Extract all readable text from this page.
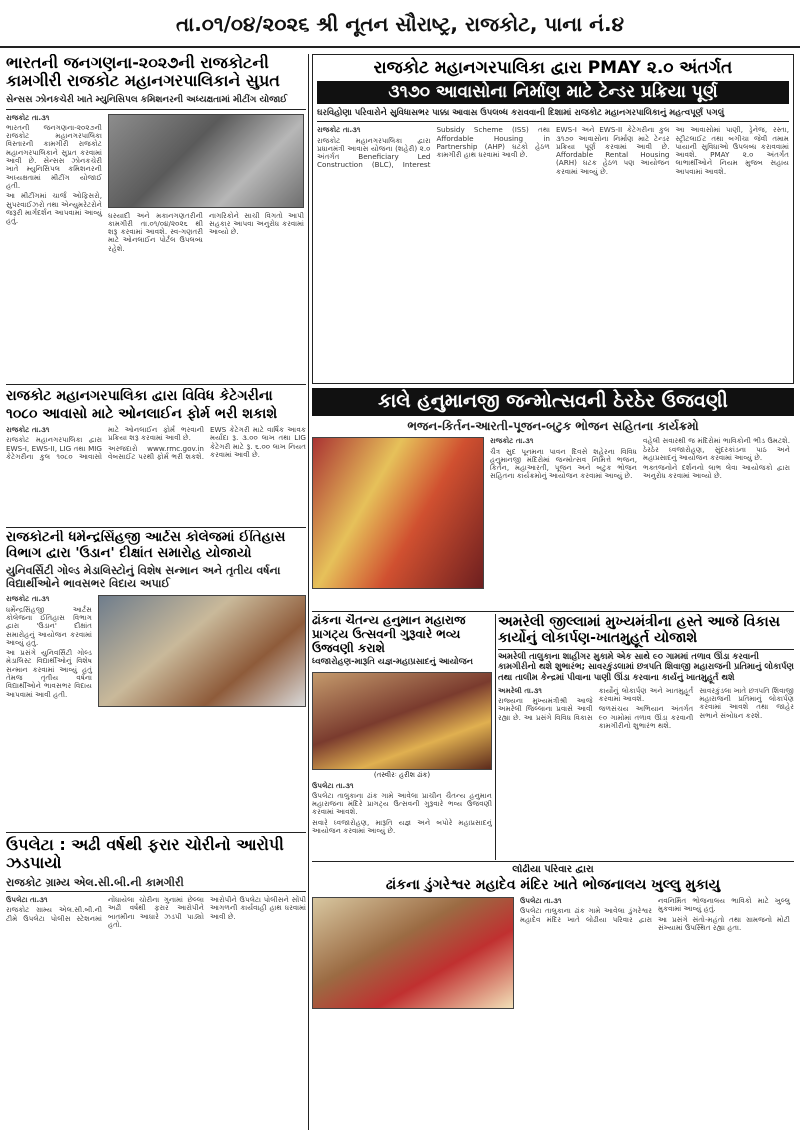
તા.૦૧/૦૪/૨૦૨૬ શ્રી નૂતન સૌરાષ્ટ્ર, રાજકોટ, પાના નં.૪
ભારતની જનગણના-૨૦૨૭ની રાજકોટની કામગીરી રાજકોટ મહાનગરપાલિકાને સુપ્રત
સેન્સસ ઝોનકચેરી ખાતે મ્યુનિસિપલ કમિશનરની અધ્યક્ષતામાં મીટીંગ યોજાઈ

રાજકોટ તા.૩૧

ભારતની જનગણના-૨૦૨૭ની રાજકોટ મહાનગરપાલિકા વિસ્તારની કામગીરી રાજકોટ મહાનગરપાલિકાને સુપ્રત કરવામાં આવી છે. સેન્સસ ઝોનકચેરી ખાતે મ્યુનિસિપલ કમિશનરની અધ્યક્ષતામાં મીટીંગ યોજાઈ હતી.

આ મીટીંગમાં ચાર્જ ઓફિસરો, સુપરવાઈઝરો તથા એન્યુમરેટરોને જરૂરી માર્ગદર્શન આપવામાં આવ્યું હતું.

ઘરયાદી અને મકાનગણતરીની કામગીરી તા.૦૧/૦૪/૨૦૨૬ થી શરૂ કરવામાં આવશે. સ્વ-ગણતરી માટે ઓનલાઈન પોર્ટલ ઉપલબ્ધ રહેશે.

નાગરિકોને સાચી વિગતો આપી સહકાર આપવા અનુરોધ કરવામાં આવ્યો છે.

રાજકોટ મહાનગરપાલિકા દ્વારા PMAY ૨.૦ અંતર્ગત
૩૧૭૦ આવાસોના નિર્માણ માટે ટેન્ડર પ્રક્રિયા પૂર્ણ
ઘરવિહોણા પરિવારોને સુવિધાસભર પાક્કા આવાસ ઉપલબ્ધ કરાવવાની દિશામાં રાજકોટ મહાનગરપાલિકાનું મહત્વપૂર્ણ પગલું

રાજકોટ તા.૩૧

રાજકોટ મહાનગરપાલિકા દ્વારા પ્રધાનમંત્રી આવાસ યોજના (શહેરી) ૨.૦ અંતર્ગત Beneficiary Led Construction (BLC), Interest Subsidy Scheme (ISS) તથા Affordable Housing in Partnership (AHP) ઘટકો હેઠળ કામગીરી હાથ ધરવામાં આવી છે.

EWS-I અને EWS-II કેટેગરીના કુલ ૩૧૭૦ આવાસોના નિર્માણ માટે ટેન્ડર પ્રક્રિયા પૂર્ણ કરવામાં આવી છે. Affordable Rental Housing (ARH) ઘટક હેઠળ પણ આયોજન કરવામાં આવ્યું છે.

આ આવાસોમાં પાણી, ડ્રેનેજ, રસ્તા, સ્ટ્રીટલાઈટ તથા બગીચા જેવી તમામ પાયાની સુવિધાઓ ઉપલબ્ધ કરાવવામાં આવશે. PMAY ૨.૦ અંતર્ગત લાભાર્થીઓને નિયમ મુજબ સહાય આપવામાં આવશે.

રાજકોટ મહાનગરપાલિકા દ્વારા વિવિધ કેટેગરીના
૧૦૮૦ આવાસો માટે ઓનલાઈન ફોર્મ ભરી શકાશે

રાજકોટ તા.૩૧

રાજકોટ મહાનગરપાલિકા દ્વારા EWS-I, EWS-II, LIG તથા MIG કેટેગરીના કુલ ૧૦૮૦ આવાસો માટે ઓનલાઈન ફોર્મ ભરવાની પ્રક્રિયા શરૂ કરવામાં આવી છે.

અરજદારો www.rmc.gov.in વેબસાઈટ પરથી ફોર્મ ભરી શકશે. EWS કેટેગરી માટે વાર્ષિક આવક મર્યાદા રૂ. ૩.૦૦ લાખ તથા LIG કેટેગરી માટે રૂ. ૬.૦૦ લાખ નિયત કરવામાં આવી છે.

કાલે હનુમાનજી જન્મોત્સવની ઠેરઠેર ઉજવણી
ભજન-કિર્તન-આરતી-પૂજન-બટુક ભોજન સહિતના કાર્યક્રમો

રાજકોટ તા.૩૧

ચૈત્ર સુદ પૂનમના પાવન દિવસે શહેરના વિવિધ હનુમાનજી મંદિરોમાં જન્મોત્સવ નિમિત્તે ભજન, કિર્તન, મહાઆરતી, પૂજન અને બટુક ભોજન સહિતના કાર્યક્રમોનું આયોજન કરવામાં આવ્યું છે.

વહેલી સવારથી જ મંદિરોમાં ભાવિકોની ભીડ ઉમટશે. ઠેરઠેર ધ્વજારોહણ, સુંદરકાંડના પાઠ અને મહાપ્રસાદનું આયોજન કરવામાં આવ્યું છે.

ભક્તજનોને દર્શનનો લાભ લેવા આયોજકો દ્વારા અનુરોધ કરવામાં આવ્યો છે.

રાજકોટની ધર્મેન્દ્રસિંહજી આર્ટસ કોલેજમાં ઈતિહાસ વિભાગ દ્વારા 'ઉડાન' દીક્ષાંત સમારોહ યોજાયો
યુનિવર્સિટી ગોલ્ડ મેડાલિસ્ટોનું વિશેષ સન્માન અને તૃતીય વર્ષના વિદ્યાર્થીઓને ભાવસભર વિદાય અપાઈ

રાજકોટ તા.૩૧

ધર્મેન્દ્રસિંહજી આર્ટસ કોલેજના ઈતિહાસ વિભાગ દ્વારા 'ઉડાન' દીક્ષાંત સમારોહનું આયોજન કરવામાં આવ્યું હતું.

આ પ્રસંગે યુનિવર્સિટી ગોલ્ડ મેડાલિસ્ટ વિદ્યાર્થીઓનું વિશેષ સન્માન કરવામાં આવ્યું હતું તેમજ તૃતીય વર્ષના વિદ્યાર્થીઓને ભાવસભર વિદાય આપવામાં આવી હતી.

ઢાંકના ચૈતન્ય હનુમાન મહારાજ પ્રાગટ્ય ઉત્સવની ગુરૂવારે ભવ્ય ઉજવણી કરાશે
ધ્વજારોહણ-મારૂતિ યજ્ઞ-મહાપ્રસાદનું આયોજન
(તસ્વીરઃ હરીશ ઢાંક)

ઉપલેટા તા.૩૧

ઉપલેટા તાલુકાના ઢાંક ગામે આવેલા પ્રાચીન ચૈતન્ય હનુમાન મહારાજના મંદિરે પ્રાગટ્ય ઉત્સવની ગુરૂવારે ભવ્ય ઉજવણી કરવામાં આવશે.

સવારે ધ્વજારોહણ, મારૂતિ યજ્ઞ અને બપોરે મહાપ્રસાદનું આયોજન કરવામાં આવ્યું છે.

અમરેલી જીલ્લામાં મુખ્યમંત્રીના હસ્તે આજે વિકાસ કાર્યોનું લોકાર્પણ-ખાતમુહૂર્ત યોજાશે
અમરેલી તાલુકાના શાહીગર મુકામે એક સાથે ૯૦ ગામમાં તળાવ ઊંડા કરવાની કામગીરીનો થશે શુભારંભ; સાવરકુંડલામાં છત્રપતિ શિવાજી મહારાજની પ્રતિમાનું લોકાર્પણ તથા તાલીમ કેન્દ્રમાં પીવાના પાણી ઊંડા કરવાના કાર્યનું ખાતમુહૂર્ત થશે

અમરેલી તા.૩૧

રાજ્યના મુખ્યમંત્રીશ્રી આજે અમરેલી જિલ્લાના પ્રવાસે આવી રહ્યા છે. આ પ્રસંગે વિવિધ વિકાસ કાર્યોનું લોકાર્પણ અને ખાતમુહૂર્ત કરવામાં આવશે.

જળસંચય અભિયાન અંતર્ગત ૯૦ ગામોમાં તળાવ ઊંડા કરવાની કામગીરીનો શુભારંભ થશે.

સાવરકુંડલા ખાતે છત્રપતિ શિવાજી મહારાજની પ્રતિમાનું લોકાર્પણ કરવામાં આવશે તથા જાહેર સભાને સંબોધન કરશે.

લોઢીયા પરિવાર દ્વારા
ઢાંકના ડુંગરેશ્વર મહાદેવ મંદિર ખાતે ભોજનાલય ખુલ્લુ મુકાયુ

ઉપલેટા તા.૩૧

ઉપલેટા તાલુકાના ઢાંક ગામે આવેલા ડુંગરેશ્વર મહાદેવ મંદિર ખાતે લોઢીયા પરિવાર દ્વારા નવનિર્મિત ભોજનાલય ભાવિકો માટે ખુલ્લુ મુકવામાં આવ્યું હતું.

આ પ્રસંગે સંતો-મહંતો તથા ગ્રામજનો મોટી સંખ્યામાં ઉપસ્થિત રહ્યા હતા.

ઉપલેટા : અઢી વર્ષથી ફરાર ચોરીનો આરોપી ઝડપાયો
રાજકોટ ગ્રામ્ય એલ.સી.બી.ની કામગીરી

ઉપલેટા તા.૩૧

રાજકોટ ગ્રામ્ય એલ.સી.બી.ની ટીમે ઉપલેટા પોલીસ સ્ટેશનમાં નોંધાયેલા ચોરીના ગુનામાં છેલ્લા અઢી વર્ષથી ફરાર આરોપીને બાતમીના આધારે ઝડપી પાડ્યો હતો.

આરોપીને ઉપલેટા પોલીસને સોંપી આગળની કાર્યવાહી હાથ ધરવામાં આવી છે.
